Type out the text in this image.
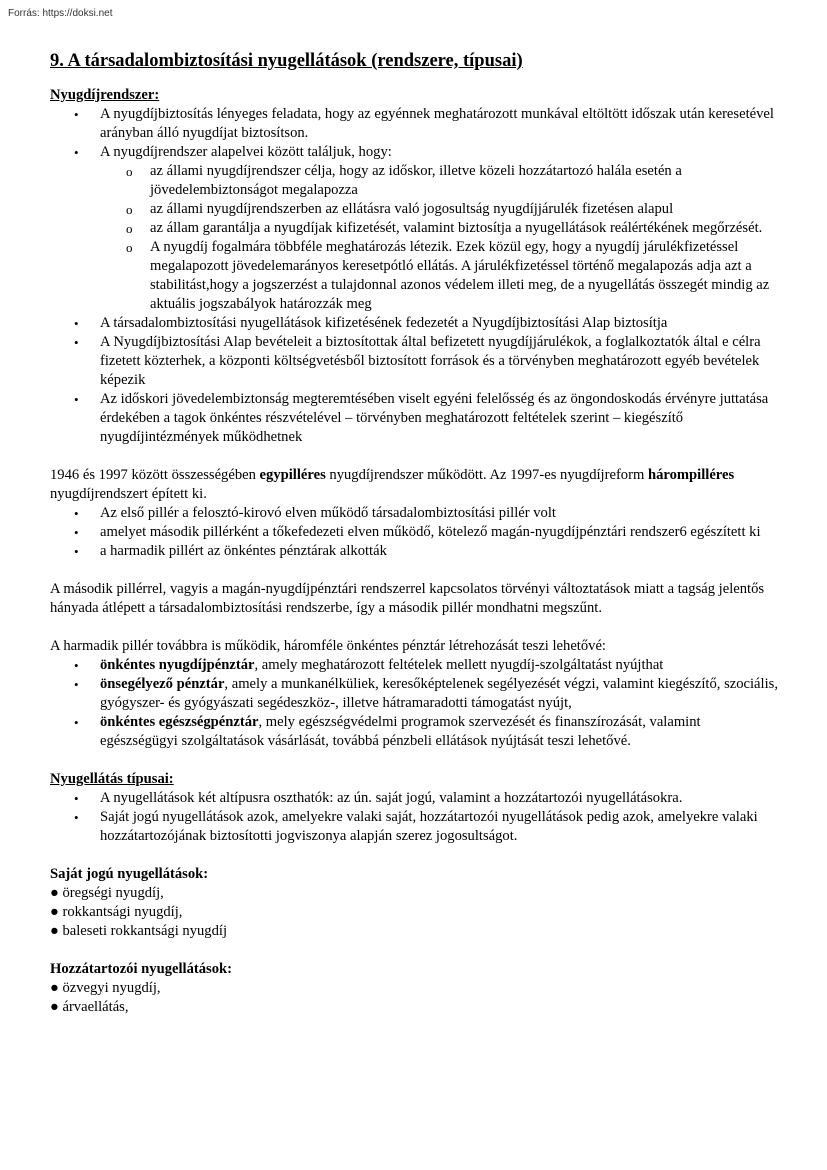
Forrás: https://doksi.net
9. A társadalombiztosítási nyugellátások (rendszere, típusai)

Nyugdíjrendszer:

• A nyugdíjbiztosítás lényeges feladata, hogy az egyénnek meghatározott munkával eltöltött időszak után keresetével arányban álló nyugdíjat biztosítson.
• A nyugdíjrendszer alapelvei között találjuk, hogy:
o az állami nyugdíjrendszer célja, hogy az időskor, illetve közeli hozzátartozó halála esetén a jövedelembiztonságot megalapozza
o az állami nyugdíjrendszerben az ellátásra való jogosultság nyugdíjjárulék fizetésen alapul
o az állam garantálja a nyugdíjak kifizetését, valamint biztosítja a nyugellátások reálértékének megőrzését.
o A nyugdíj fogalmára többféle meghatározás létezik. Ezek közül egy, hogy a nyugdíj járulékfizetéssel megalapozott jövedelemarányos keresetpótló ellátás. A járulékfizetéssel történő megalapozás adja azt a stabilitást,hogy a jogszerzést a tulajdonnal azonos védelem illeti meg, de a nyugellátás összegét mindig az aktuális jogszabályok határozzák meg
• A társadalombiztosítási nyugellátások kifizetésének fedezetét a Nyugdíjbiztosítási Alap biztosítja
• A Nyugdíjbiztosítási Alap bevételeit a biztosítottak által befizetett nyugdíjjárulékok, a foglalkoztatók által e célra fizetett közterhek, a központi költségvetésből biztosított források és a törvényben meghatározott egyéb bevételek képezik
• Az időskori jövedelembiztonság megteremtésében viselt egyéni felelősség és az öngondoskodás érvényre juttatása érdekében a tagok önkéntes részvételével – törvényben meghatározott feltételek szerint – kiegészítő nyugdíjintézmények működhetnek

1946 és 1997 között összességében egypilléres nyugdíjrendszer működött. Az 1997-es nyugdíjreform hárompilléres nyugdíjrendszert épített ki.

• Az első pillér a felosztó-kirovó elven működő társadalombiztosítási pillér volt
• amelyet második pillérként a tőkefedezeti elven működő, kötelező magán-nyugdíjpénztári rendszer6 egészített ki
• a harmadik pillért az önkéntes pénztárak alkották

A második pillérrel, vagyis a magán-nyugdíjpénztári rendszerrel kapcsolatos törvényi változtatások miatt a tagság jelentős hányada átlépett a társadalombiztosítási rendszerbe, így a második pillér mondhatni megszűnt.

A harmadik pillér továbbra is működik, háromféle önkéntes pénztár létrehozását teszi lehetővé:

• önkéntes nyugdíjpénztár, amely meghatározott feltételek mellett nyugdíj-szolgáltatást nyújthat
• önsegélyező pénztár, amely a munkanélküliek, keresőképtelenek segélyezését végzi, valamint kiegészítő, szociális, gyógyszer- és gyógyászati segédeszköz-, illetve hátramaradotti támogatást nyújt,
• önkéntes egészségpénztár, mely egészségvédelmi programok szervezését és finanszírozását, valamint egészségügyi szolgáltatások vásárlását, továbbá pénzbeli ellátások nyújtását teszi lehetővé.

Nyugellátás típusai:

• A nyugellátások két altípusra oszthatók: az ún. saját jogú, valamint a hozzátartozói nyugellátásokra.
• Saját jogú nyugellátások azok, amelyekre valaki saját, hozzátartozói nyugellátások pedig azok, amelyekre valaki hozzátartozójának biztosítotti jogviszonya alapján szerez jogosultságot.

Saját jogú nyugellátások:

● öregségi nyugdíj,

● rokkantsági nyugdíj,

● baleseti rokkantsági nyugdíj

Hozzátartozói nyugellátások:

● özvegyi nyugdíj,

● árvaellátás,
